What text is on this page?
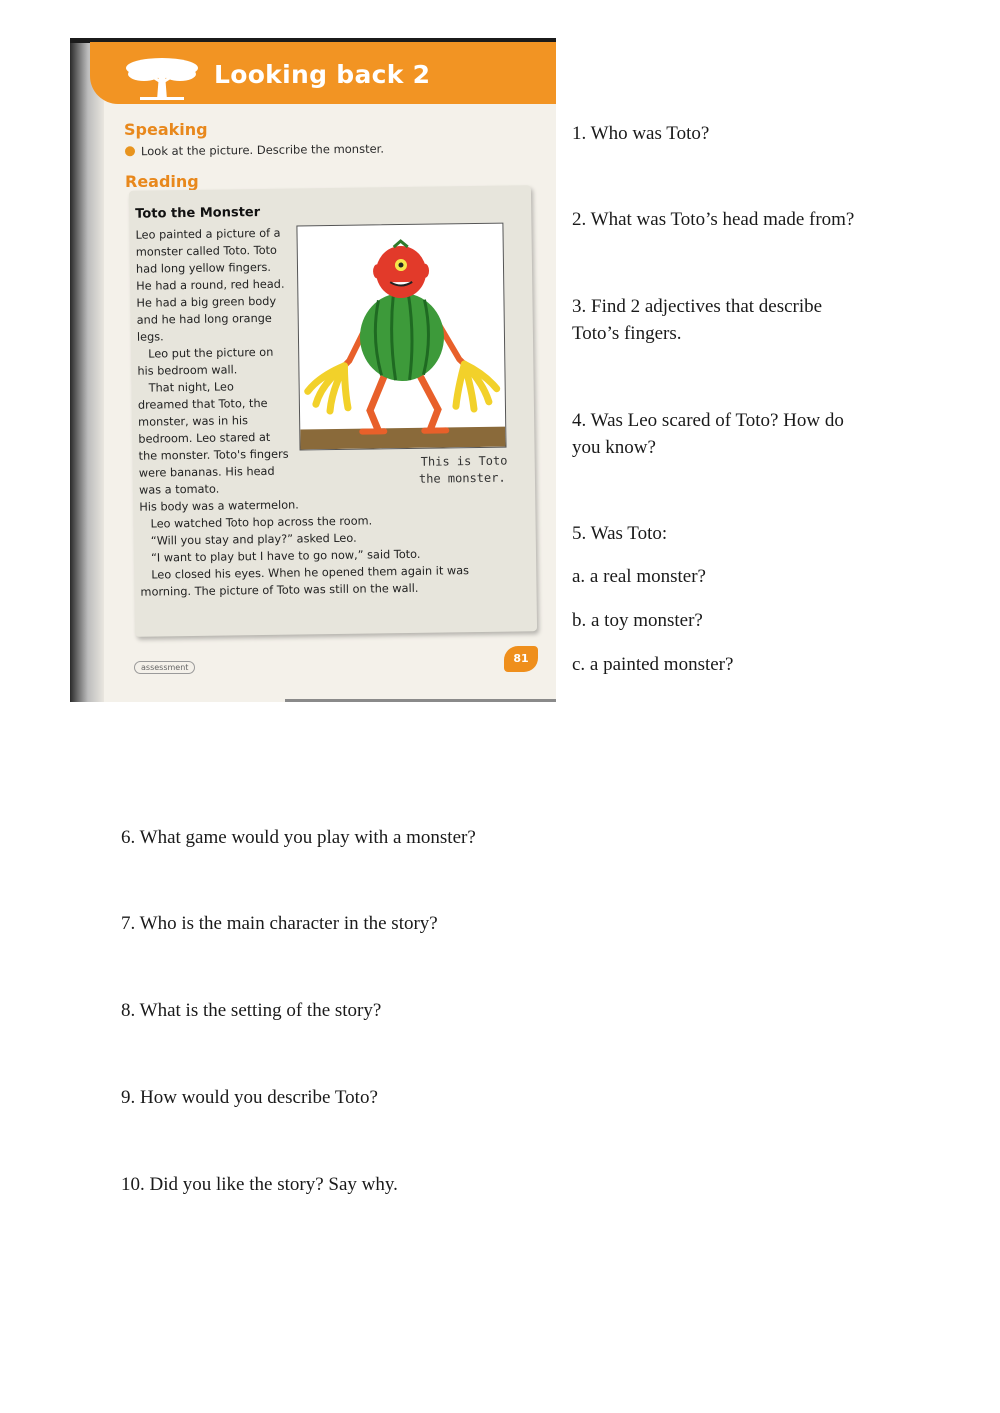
Looking back 2
Speaking
Look at the picture. Describe the monster.
Reading
Toto the Monster
Leo painted a picture of a
monster called Toto. Toto
had long yellow fingers.
He had a round, red head.
He had a big green body
and he had long orange
legs.
Leo put the picture on
his bedroom wall.
That night, Leo
dreamed that Toto, the
monster, was in his
bedroom. Leo stared at
the monster. Toto's fingers
were bananas. His head
was a tomato.
His body was a watermelon.
Leo watched Toto hop across the room.
“Will you stay and play?” asked Leo.
“I want to play but I have to go now,” said Toto.
Leo closed his eyes. When he opened them again it was
morning. The picture of Toto was still on the wall.
This is Toto
the monster.
assessment
81

1. Who was Toto?

2. What was Toto’s head made from?

3. Find 2 adjectives that describe

Toto’s fingers.

4. Was Leo scared of Toto? How do

you know?

5. Was Toto:

a. a real monster?

b. a toy monster?

c. a painted monster?

6. What game would you play with a monster?

7. Who is the main character in the story?

8. What is the setting of the story?

9. How would you describe Toto?

10. Did you like the story? Say why.
